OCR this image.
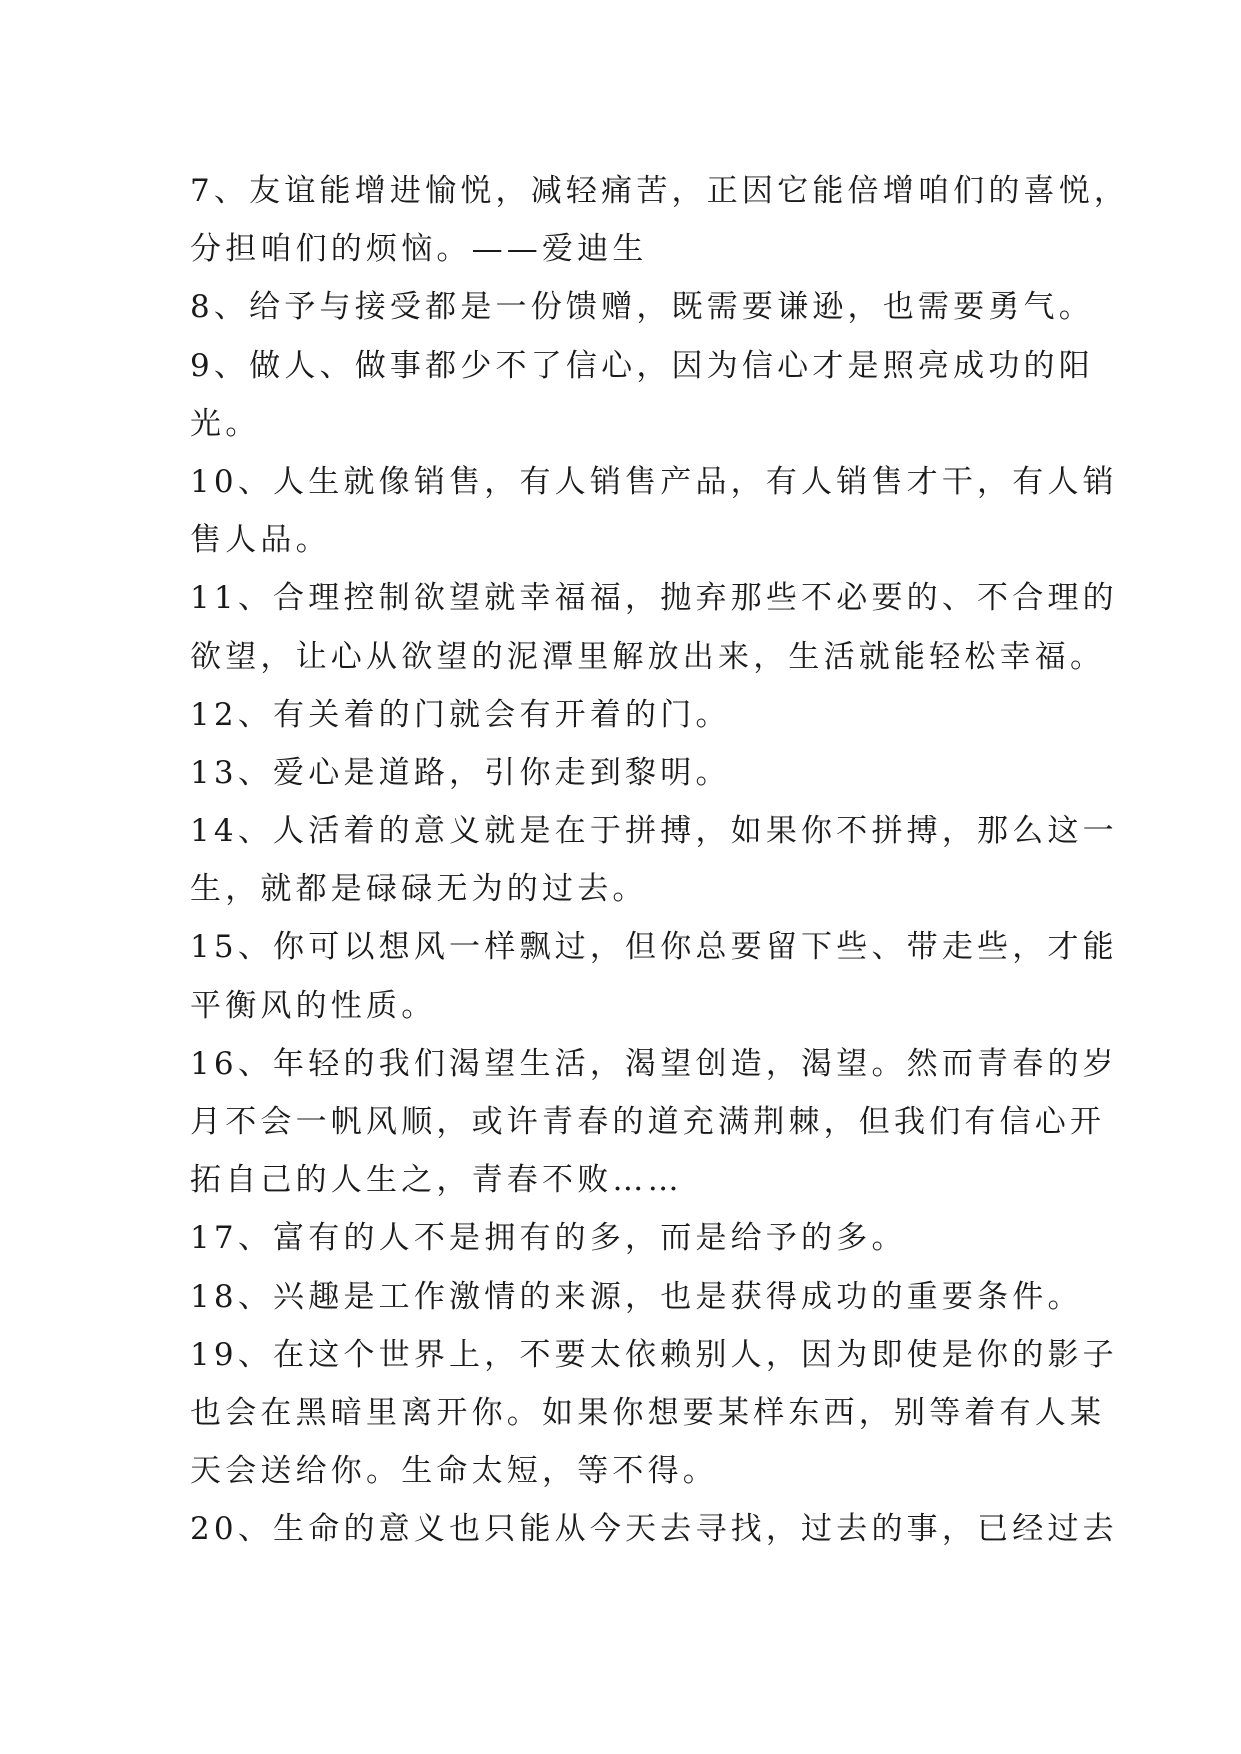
7、友谊能增进愉悦，减轻痛苦，正因它能倍增咱们的喜悦，
分担咱们的烦恼。——爱迪生
8、给予与接受都是一份馈赠，既需要谦逊，也需要勇气。
9、做人、做事都少不了信心，因为信心才是照亮成功的阳
光。
10、人生就像销售，有人销售产品，有人销售才干，有人销
售人品。
11、合理控制欲望就幸福福，抛弃那些不必要的、不合理的
欲望，让心从欲望的泥潭里解放出来，生活就能轻松幸福。
12、有关着的门就会有开着的门。
13、爱心是道路，引你走到黎明。
14、人活着的意义就是在于拼搏，如果你不拼搏，那么这一
生，就都是碌碌无为的过去。
15、你可以想风一样飘过，但你总要留下些、带走些，才能
平衡风的性质。
16、年轻的我们渴望生活，渴望创造，渴望。然而青春的岁
月不会一帆风顺，或许青春的道充满荆棘，但我们有信心开
拓自己的人生之，青春不败……
17、富有的人不是拥有的多，而是给予的多。
18、兴趣是工作激情的来源，也是获得成功的重要条件。
19、在这个世界上，不要太依赖别人，因为即使是你的影子
也会在黑暗里离开你。如果你想要某样东西，别等着有人某
天会送给你。生命太短，等不得。
20、生命的意义也只能从今天去寻找，过去的事，已经过去
